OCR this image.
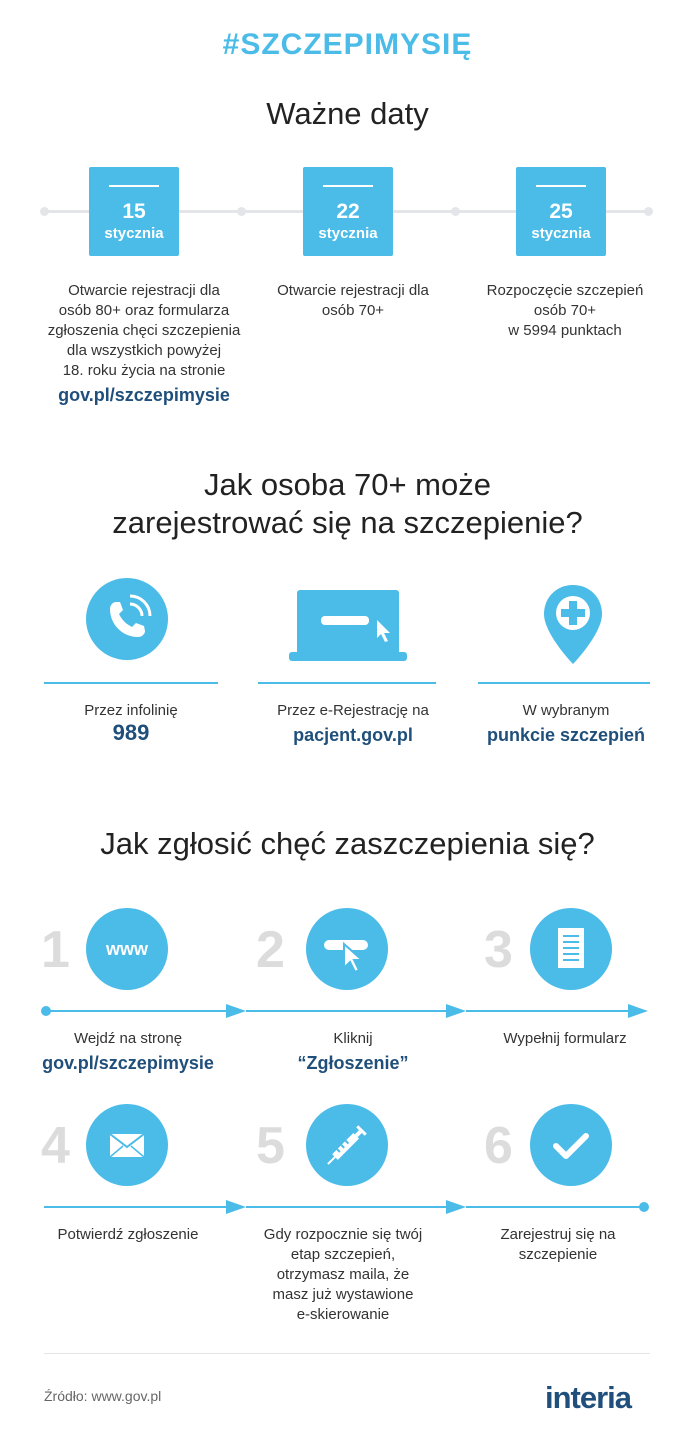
#SZCZEPIMYSIĘ
Ważne daty
15
stycznia
22
stycznia
25
stycznia
Otwarcie rejestracji dla
osób 80+ oraz formularza
zgłoszenia chęci szczepienia
dla wszystkich powyżej
18. roku życia na stronie
gov.pl/szczepimysie
Otwarcie rejestracji dla
osób 70+
Rozpoczęcie szczepień
osób 70+
w 5994 punktach
Jak osoba 70+ może
zarejestrować się na szczepienie?
Przez infolinię
989
Przez e-Rejestrację na
pacjent.gov.pl
W wybranym
punkcie szczepień
Jak zgłosić chęć zaszczepienia się?
1	2	3
www
Wejdź na stronę
gov.pl/szczepimysie
Kliknij
“Zgłoszenie”
Wypełnij formularz
4	5	6
Potwierdź zgłoszenie	Gdy rozpocznie się twój
etap szczepień,
otrzymasz maila, że
masz już wystawione
e-skierowanie
Zarejestruj się na
szczepienie
Źródło: www.gov.pl	interia
